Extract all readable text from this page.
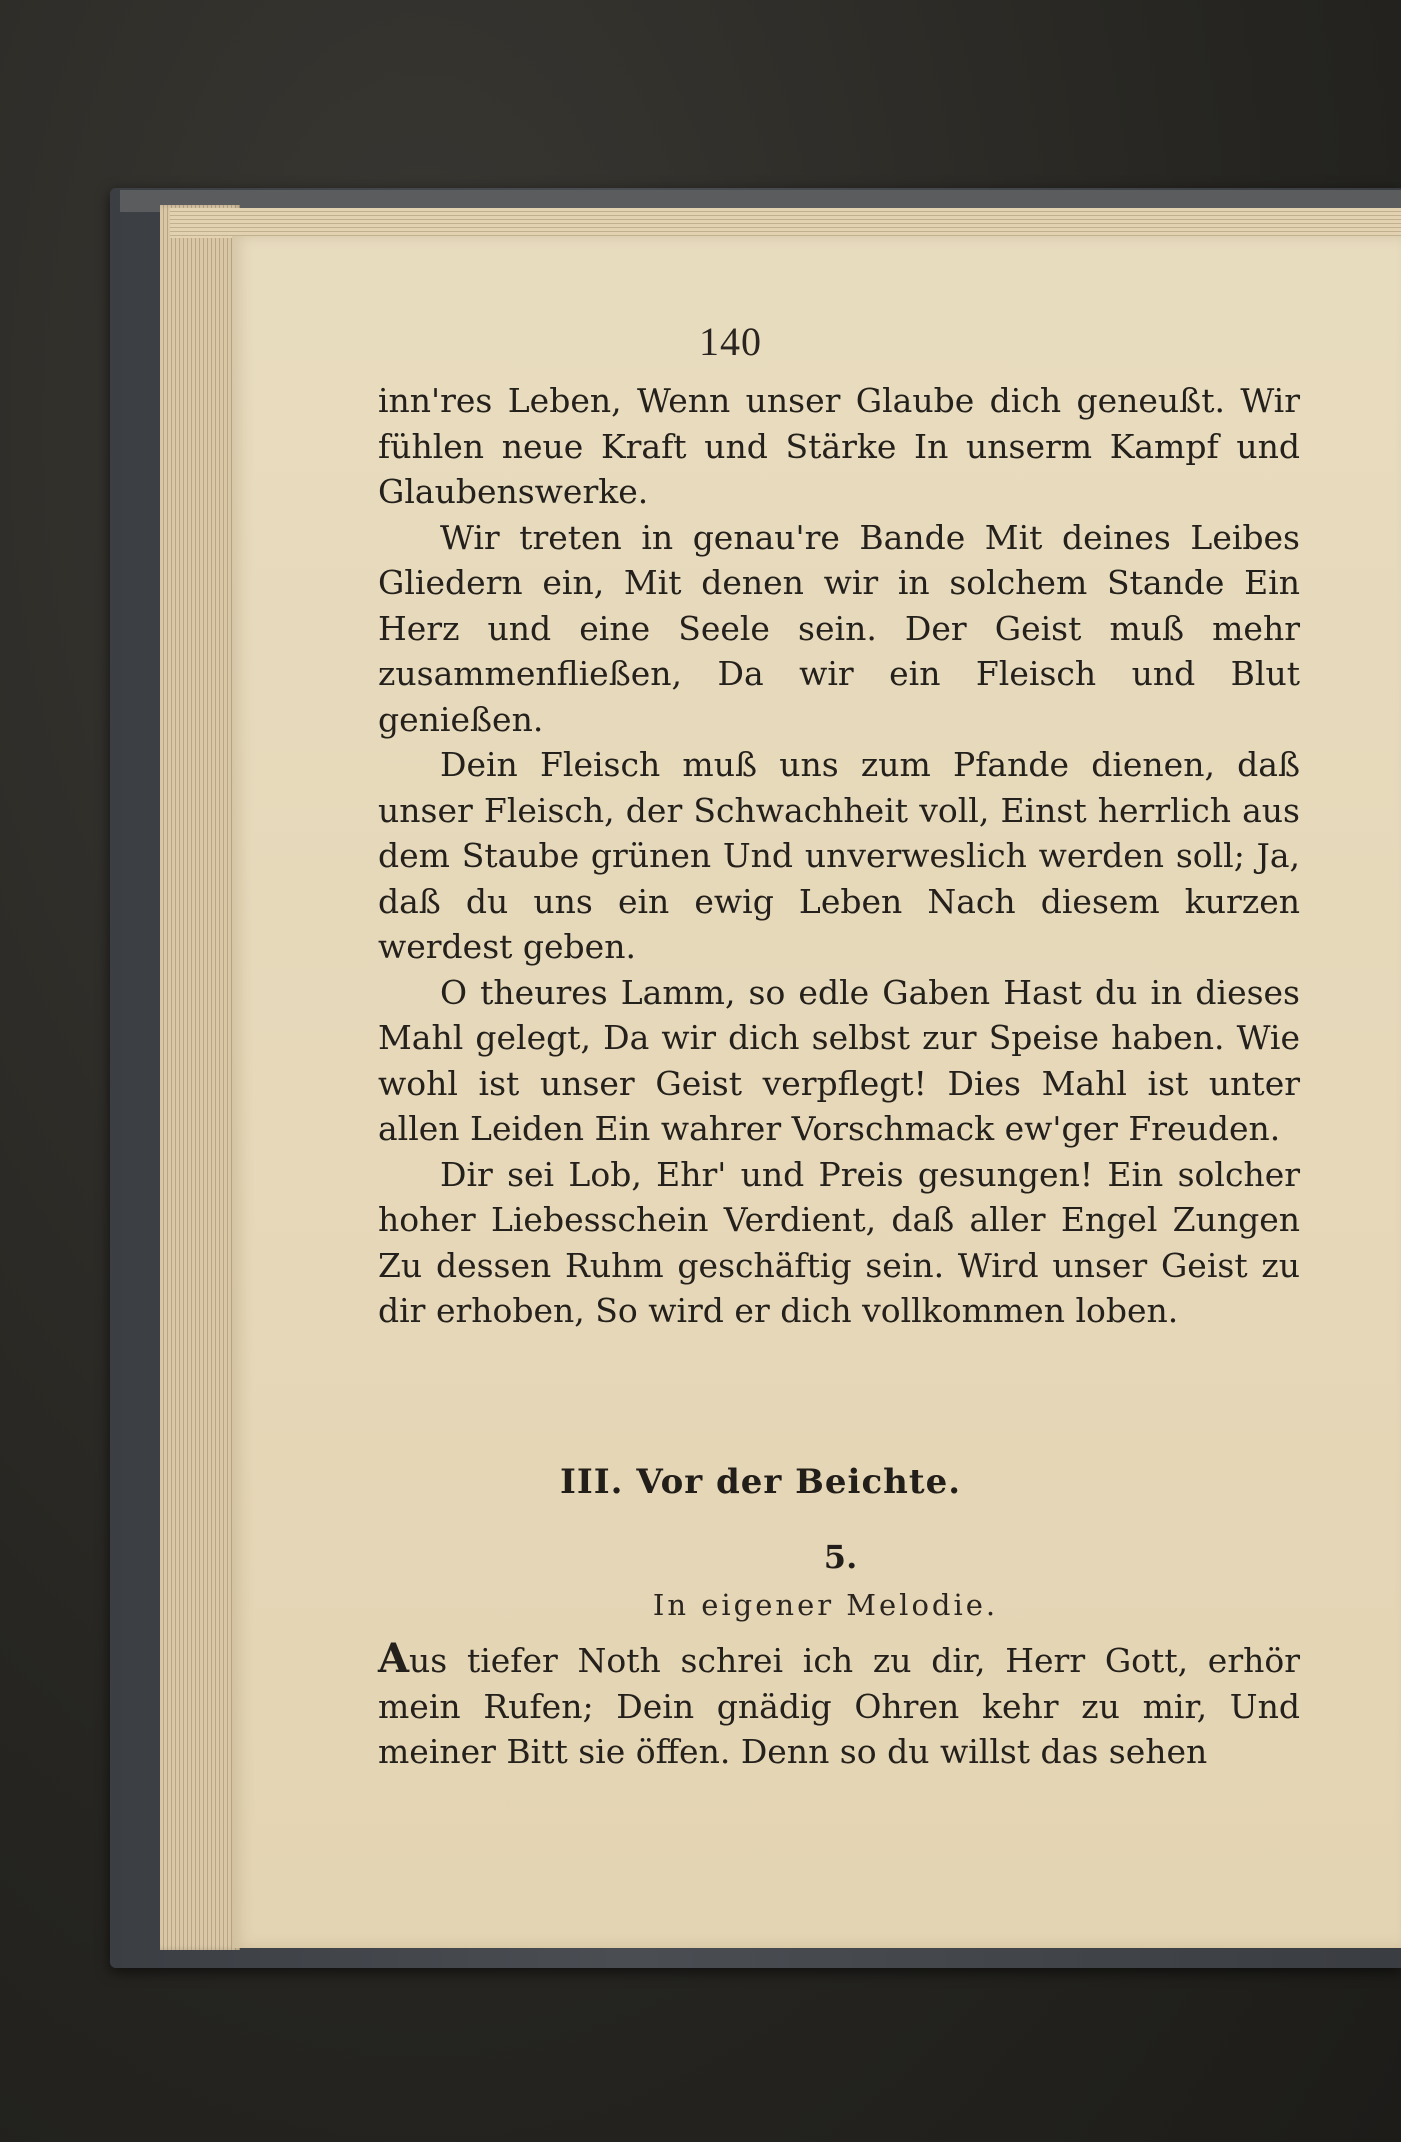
140

inn'res Leben, Wenn unser Glaube dich geneußt. Wir fühlen neue Kraft und Stärke In unserm Kampf und Glaubenswerke.

Wir treten in genau're Bande Mit deines Leibes Gliedern ein, Mit denen wir in solchem Stande Ein Herz und eine Seele sein. Der Geist muß mehr zusammenfließen, Da wir ein Fleisch und Blut genießen.

Dein Fleisch muß uns zum Pfande dienen, daß unser Fleisch, der Schwachheit voll, Einst herrlich aus dem Staube grünen Und unverweslich werden soll; Ja, daß du uns ein ewig Leben Nach diesem kurzen werdest geben.

O theures Lamm, so edle Gaben Hast du in dieses Mahl gelegt, Da wir dich selbst zur Speise haben. Wie wohl ist unser Geist verpflegt! Dies Mahl ist unter allen Leiden Ein wahrer Vorschmack ew'ger Freuden.

Dir sei Lob, Ehr' und Preis gesungen! Ein solcher hoher Liebesschein Verdient, daß aller Engel Zungen Zu dessen Ruhm geschäftig sein. Wird unser Geist zu dir erhoben, So wird er dich vollkommen loben.

III. Vor der Beichte.
5.
In eigener Melodie.

Aus tiefer Noth schrei ich zu dir, Herr Gott, erhör mein Rufen; Dein gnädig Ohren kehr zu mir, Und meiner Bitt sie öffen. Denn so du willst das sehen
